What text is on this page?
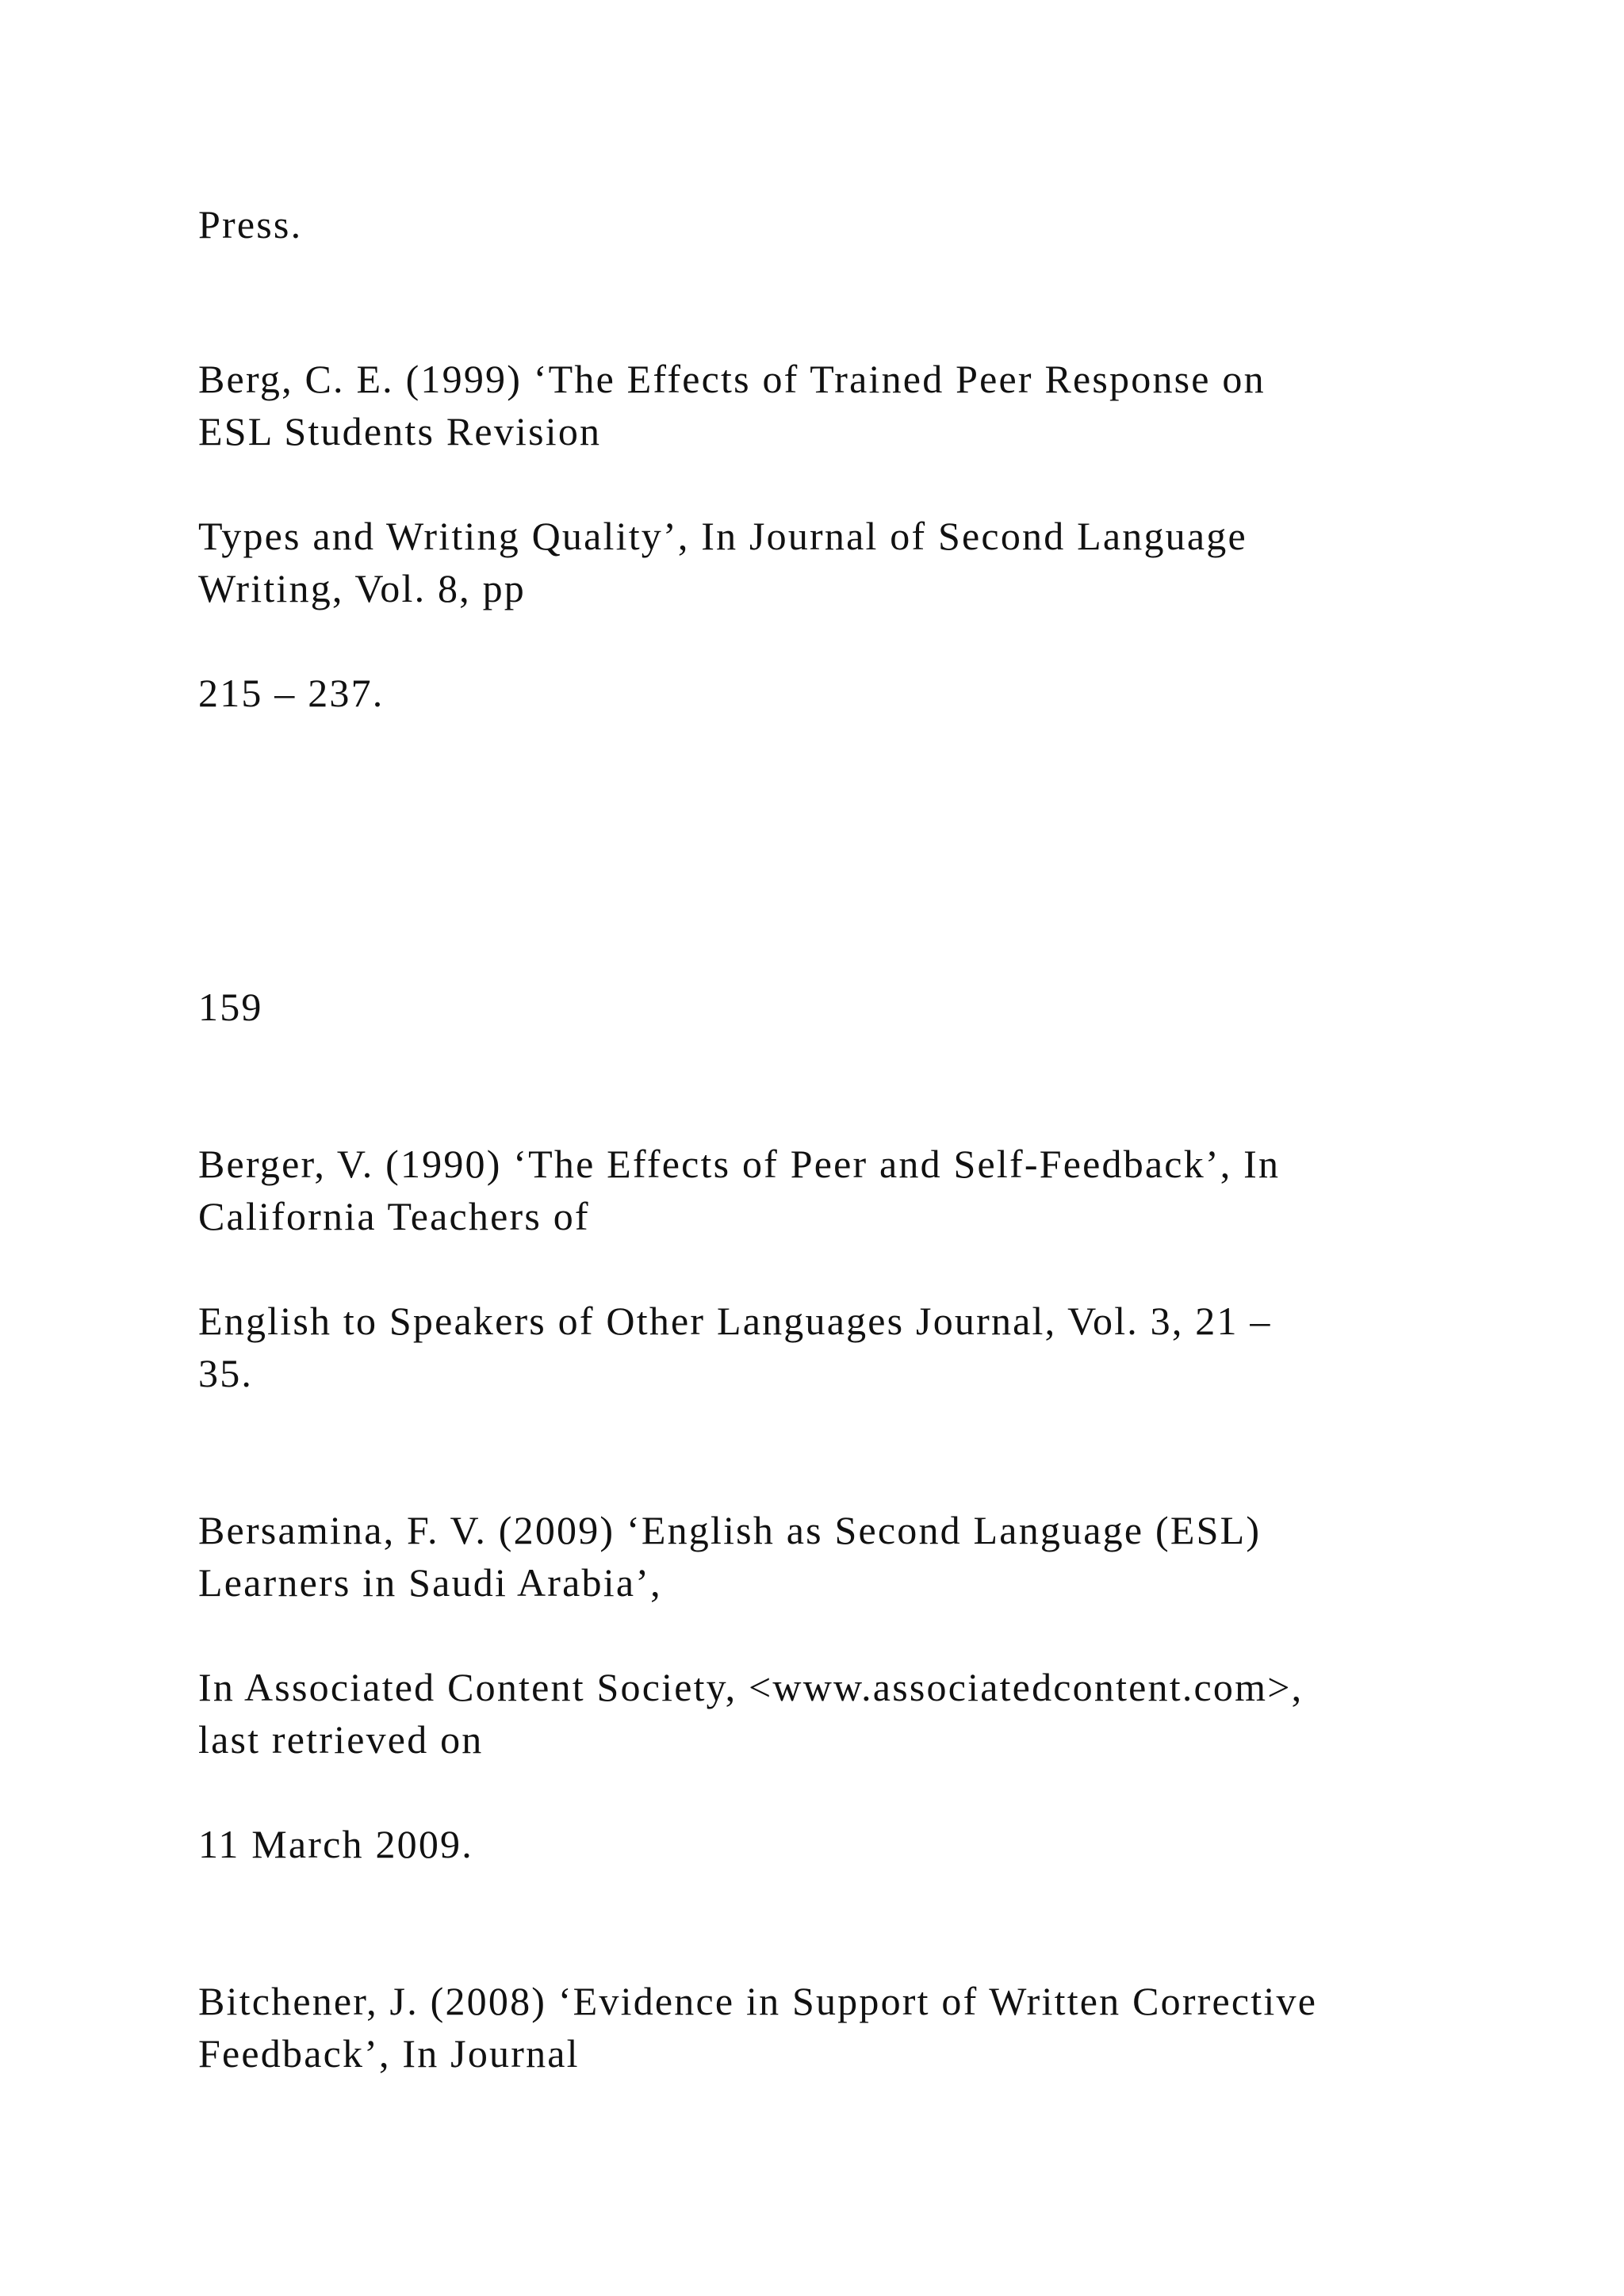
Press.

Berg, C. E. (1999) ‘The Effects of Trained Peer Response on
ESL Students Revision

Types and Writing Quality’, In Journal of Second Language
Writing, Vol. 8, pp

215 – 237.

159

Berger, V. (1990) ‘The Effects of Peer and Self-Feedback’, In
California Teachers of

English to Speakers of Other Languages Journal, Vol. 3, 21 –
35.

Bersamina, F. V. (2009) ‘English as Second Language (ESL)
Learners in Saudi Arabia’,

In Associated Content Society, <www.associatedcontent.com>,
last retrieved on

11 March 2009.

Bitchener, J. (2008) ‘Evidence in Support of Written Corrective
Feedback’, In Journal
